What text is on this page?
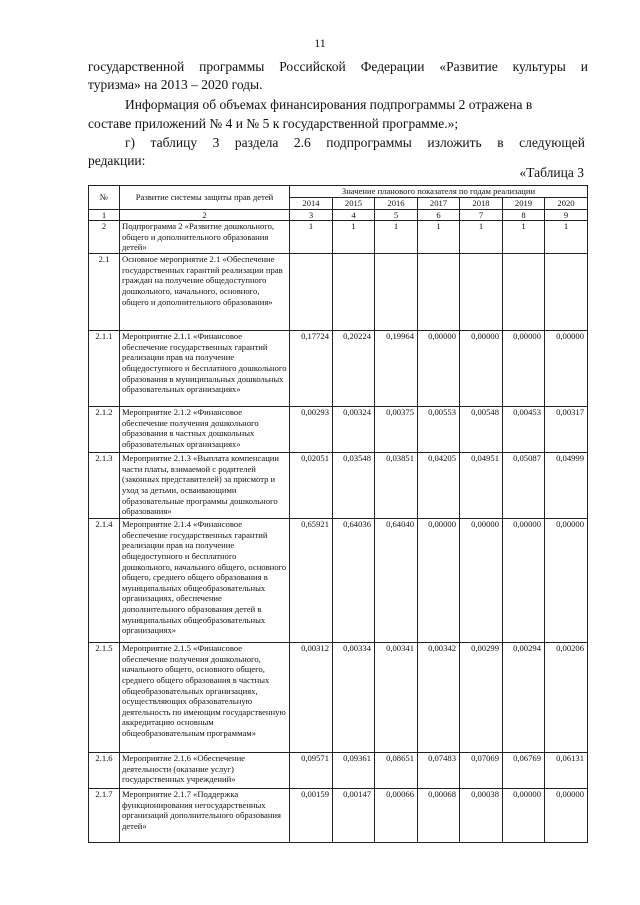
11
государственной программы Российской Федерации «Развитие культуры и
туризма» на 2013 – 2020 годы.
Информация об объемах финансирования подпрограммы 2 отражена в
составе приложений № 4 и № 5 к государственной программе.»;
г) таблицу 3 раздела 2.6 подпрограммы изложить в следующей
редакции:
«Таблица 3
№	Развитие системы защиты прав детей	Значение планового показателя по годам реализации						
		2014	2015	2016	2017	2018	2019	2020
1	2	3	4	5	6	7	8	9
2	Подпрограмма 2 «Развитие дошкольного, общего и дополнительного образования детей»	1	1	1	1	1	1	1
2.1	Основное мероприятие 2.1 «Обеспечение государственных гарантий реализации прав граждан на получение общедоступного дошкольного, начального, основного, общего и дополнительного образования»							
2.1.1	Мероприятие 2.1.1 «Финансовое обеспечение государственных гарантий реализации прав на получение общедоступного и бесплатного дошкольного образования в муниципальных дошкольных образовательных организациях»	0,17724	0,20224	0,19964	0,00000	0,00000	0,00000	0,00000
2.1.2	Мероприятие 2.1.2 «Финансовое обеспечение получения дошкольного образования в частных дошкольных образовательных организациях»	0,00293	0,00324	0,00375	0,00553	0,00548	0,00453	0,00317
2.1.3	Мероприятие 2.1.3 «Выплата компенсации части платы, взимаемой с родителей (законных представителей) за присмотр и уход за детьми, осваивающими образовательные программы дошкольного образования»	0,02051	0,03548	0,03851	0,04205	0,04951	0,05087	0,04999
2.1.4	Мероприятие 2.1.4 «Финансовое обеспечение государственных гарантий реализации прав на получение общедоступного и бесплатного дошкольного, начального общего, основного общего, среднего общего образования в муниципальных общеобразовательных организациях, обеспечение дополнительного образования детей в муниципальных общеобразовательных организациях»	0,65921	0,64036	0,64040	0,00000	0,00000	0,00000	0,00000
2.1.5	Мероприятие 2.1.5 «Финансовое обеспечение получения дошкольного, начального общего, основного общего, среднего общего образования в частных общеобразовательных организациях, осуществляющих образовательную деятельность по имеющим государственную аккредитацию основным общеобразовательным программам»	0,00312	0,00334	0,00341	0,00342	0,00299	0,00294	0,00206
2.1.6	Мероприятие 2.1.6 «Обеспечение деятельности (оказание услуг) государственных учреждений»	0,09571	0,09361	0,08651	0,07483	0,07069	0,06769	0,06131
2.1.7	Мероприятие 2.1.7 «Поддержка функционирования негосударственных организаций дополнительного образования детей»	0,00159	0,00147	0,00066	0,00068	0,00038	0,00000	0,00000
